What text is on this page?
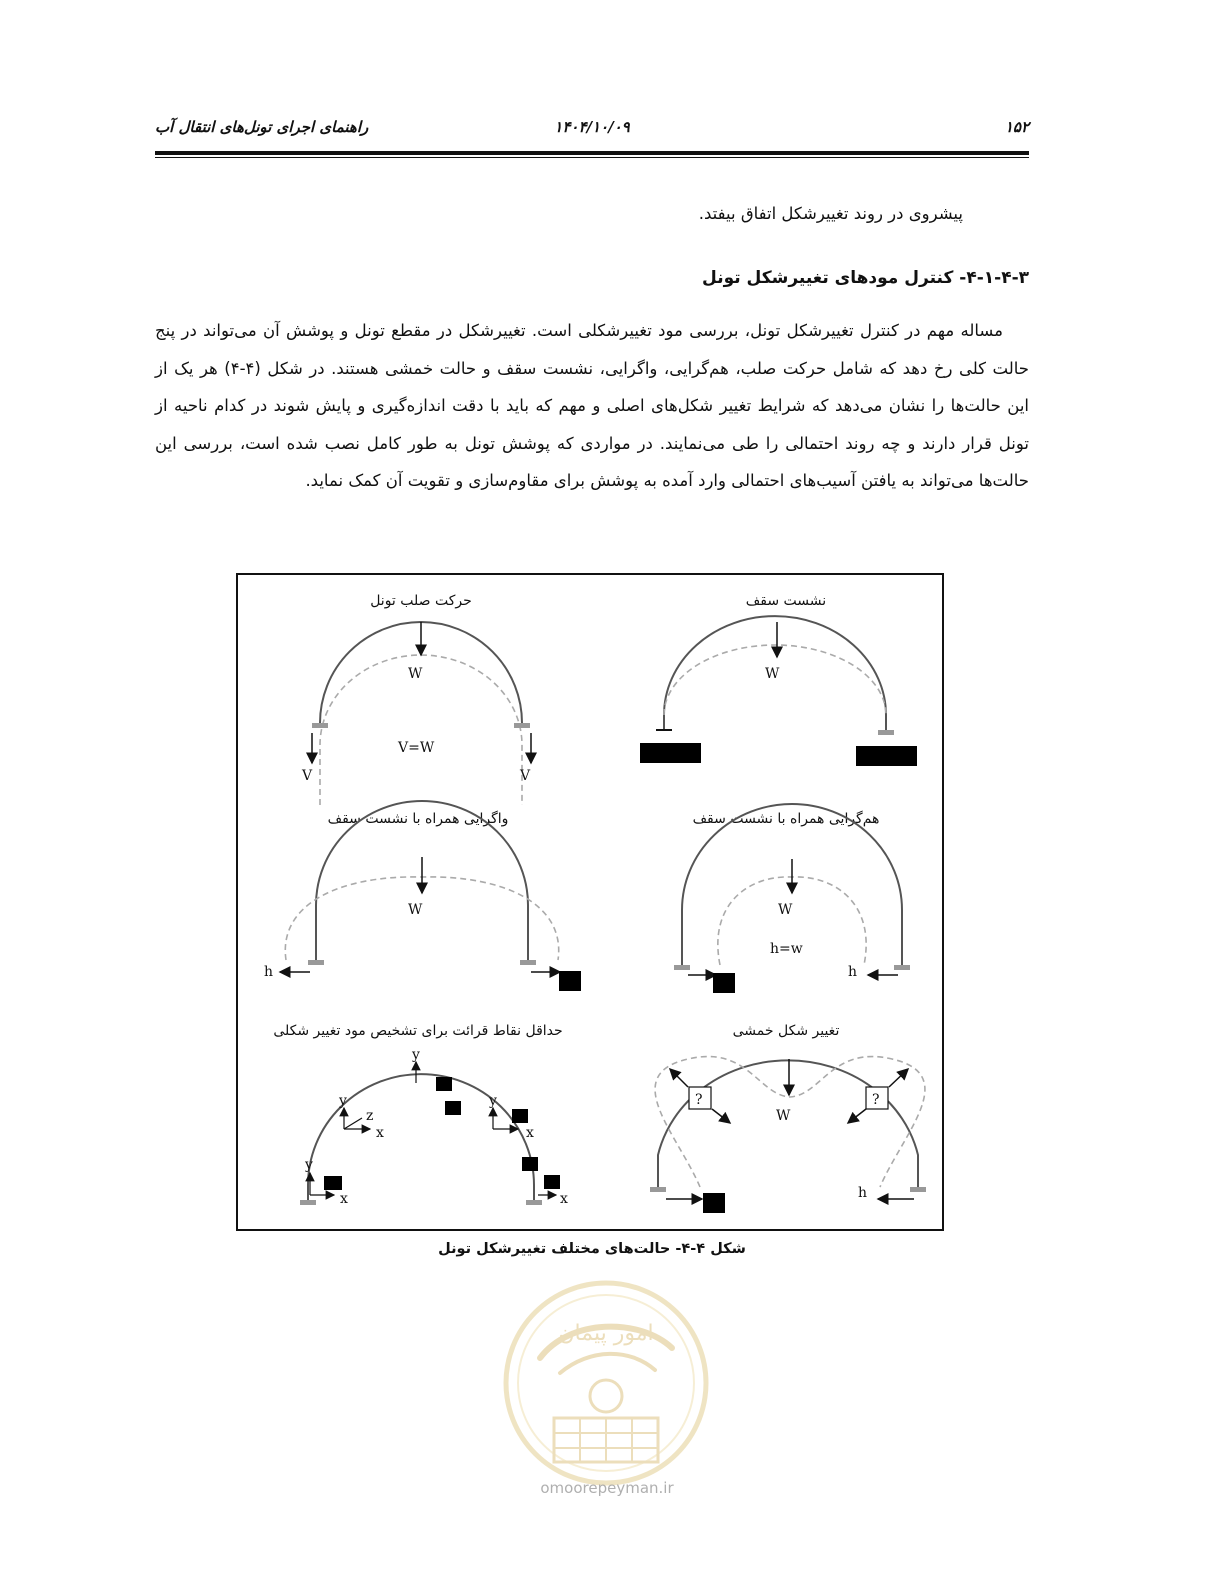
۱۵۲
۱۴۰۴/۱۰/۰۹
راهنمای اجرای تونل‌های انتقال آب
پیشروی در روند تغییرشکل اتفاق بیفتد.
۴-۱-۴-۳- کنترل مودهای تغییرشکل تونل

مساله مهم در کنترل تغییرشکل تونل، بررسی مود تغییرشکلی است. تغییرشکل در مقطع تونل و پوشش آن می‌تواند در پنج حالت کلی رخ دهد که شامل حرکت صلب، هم‌گرایی، واگرایی، نشست سقف و حالت خمشی هستند. در شکل (۴-۴) هر یک از این حالت‌ها را نشان می‌دهد که شرایط تغییر شکل‌های اصلی و مهم که باید با دقت اندازه‌گیری و پایش شوند در کدام ناحیه از تونل قرار دارند و چه روند احتمالی را طی می‌نمایند. در مواردی که پوشش تونل به طور کامل نصب شده است، بررسی این حالت‌ها می‌تواند به یافتن آسیب‌های احتمالی وارد آمده به پوشش برای مقاوم‌سازی و تقویت آن کمک نماید.

حرکت صلب تونل
W
V=W
V	V
نشست سقف
W
واگرایی همراه با نشست سقف
W
h
هم‌گرایی همراه با نشست سقف
W
h=w
h
حداقل نقاط قرائت برای تشخیص مود تغییر شکلی
y
x
y
z
x
y
y
x
x
تغییر شکل خمشی
?	?
W
h
شکل ۴-۴- حالت‌های مختلف تغییرشکل تونل
امور پیمان
omoorepeyman.ir
